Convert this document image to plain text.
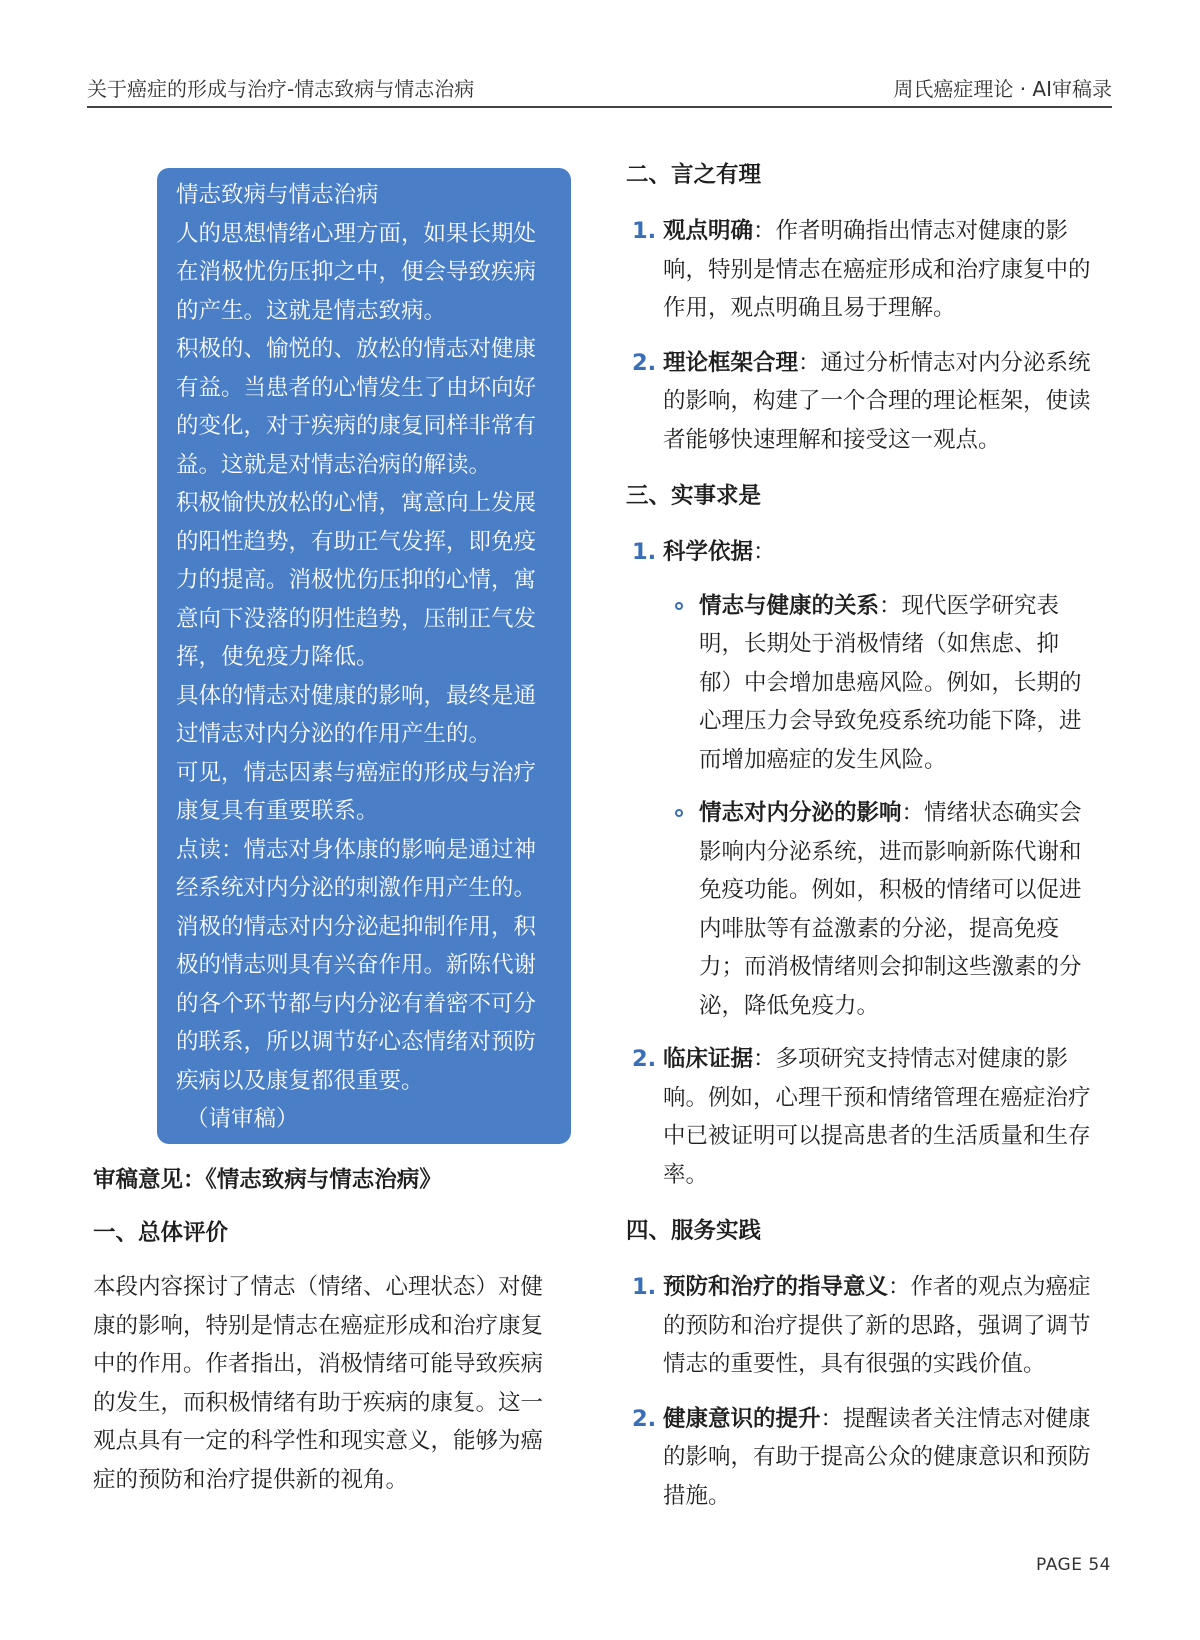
关于癌症的形成与治疗-情志致病与情志治病	周氏癌症理论 · AI审稿录
情志致病与情志治病
人的思想情绪心理方面，如果长期处
在消极忧伤压抑之中，便会导致疾病
的产生。这就是情志致病。
积极的、愉悦的、放松的情志对健康
有益。当患者的心情发生了由坏向好
的变化，对于疾病的康复同样非常有
益。这就是对情志治病的解读。
积极愉快放松的心情，寓意向上发展
的阳性趋势，有助正气发挥，即免疫
力的提高。消极忧伤压抑的心情，寓
意向下没落的阴性趋势，压制正气发
挥，使免疫力降低。
具体的情志对健康的影响，最终是通
过情志对内分泌的作用产生的。
可见，情志因素与癌症的形成与治疗
康复具有重要联系。
点读：情志对身体康的影响是通过神
经系统对内分泌的刺激作用产生的。
消极的情志对内分泌起抑制作用，积
极的情志则具有兴奋作用。新陈代谢
的各个环节都与内分泌有着密不可分
的联系，所以调节好心态情绪对预防
疾病以及康复都很重要。
（请审稿）
审稿意见：《情志致病与情志治病》
一、总体评价
本段内容探讨了情志（情绪、心理状态）对健
康的影响，特别是情志在癌症形成和治疗康复
中的作用。作者指出，消极情绪可能导致疾病
的发生，而积极情绪有助于疾病的康复。这一
观点具有一定的科学性和现实意义，能够为癌
症的预防和治疗提供新的视角。
二、言之有理
1. 观点明确：作者明确指出情志对健康的影
响，特别是情志在癌症形成和治疗康复中的
作用，观点明确且易于理解。
2. 理论框架合理：通过分析情志对内分泌系统
的影响，构建了一个合理的理论框架，使读
者能够快速理解和接受这一观点。
三、实事求是
1. 科学依据：
情志与健康的关系：现代医学研究表
明，长期处于消极情绪（如焦虑、抑
郁）中会增加患癌风险。例如，长期的
心理压力会导致免疫系统功能下降，进
而增加癌症的发生风险。
情志对内分泌的影响：情绪状态确实会
影响内分泌系统，进而影响新陈代谢和
免疫功能。例如，积极的情绪可以促进
内啡肽等有益激素的分泌，提高免疫
力；而消极情绪则会抑制这些激素的分
泌，降低免疫力。
2. 临床证据：多项研究支持情志对健康的影
响。例如，心理干预和情绪管理在癌症治疗
中已被证明可以提高患者的生活质量和生存
率。
四、服务实践
1. 预防和治疗的指导意义：作者的观点为癌症
的预防和治疗提供了新的思路，强调了调节
情志的重要性，具有很强的实践价值。
2. 健康意识的提升：提醒读者关注情志对健康
的影响，有助于提高公众的健康意识和预防
措施。
PAGE 54
